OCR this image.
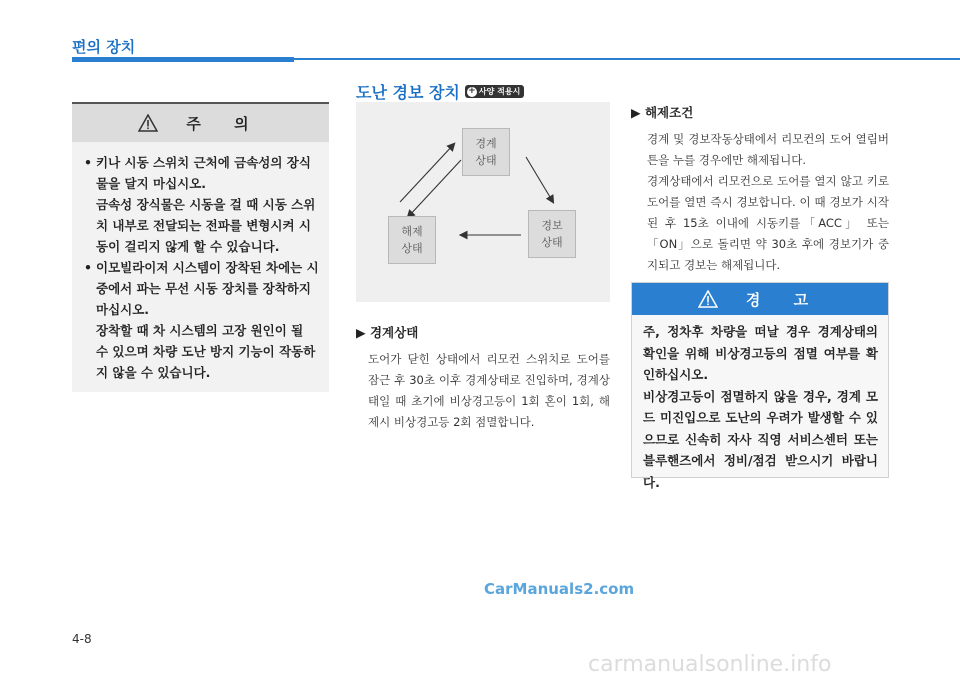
편의 장치
도난 경보 장치 + 사양 적용시
주 의

• 키나 시동 스위치 근처에 금속성의 장식물을 달지 마십시오.

금속성 장식물은 시동을 걸 때 시동 스위치 내부로 전달되는 전파를 변형시켜 시동이 걸리지 않게 할 수 있습니다.

• 이모빌라이저 시스템이 장착된 차에는 시중에서 파는 무선 시동 장치를 장착하지 마십시오.

장착할 때 차 시스템의 고장 원인이 될 수 있으며 차량 도난 방지 기능이 작동하지 않을 수 있습니다.

경계
상태
경보
상태
해제
상태
▶ 경계상태
도어가 닫힌 상태에서 리모컨 스위치로 도어를 잠근 후 30초 이후 경계상태로 진입하며, 경계상태일 때 초기에 비상경고등이 1회 혼이 1회, 해제시 비상경고등 2회 점멸합니다.
▶ 해제조건
경계 및 경보작동상태에서 리모컨의 도어 열림버튼을 누를 경우에만 해제됩니다.
경계상태에서 리모컨으로 도어를 열지 않고 키로 도어를 열면 즉시 경보합니다. 이 때 경보가 시작된 후 15초 이내에 시동키를「ACC」 또는「ON」으로 돌리면 약 30초 후에 경보기가 중지되고 경보는 해제됩니다.
경 고

주, 정차후 차량을 떠날 경우 경계상태의 확인을 위해 비상경고등의 점멸 여부를 확인하십시오.

비상경고등이 점멸하지 않을 경우, 경계 모드 미진입으로 도난의 우려가 발생할 수 있으므로 신속히 자사 직영 서비스센터 또는 블루핸즈에서 정비/점검 받으시기 바랍니다.

CarManuals2.com
4-8
carmanualsonline.info
